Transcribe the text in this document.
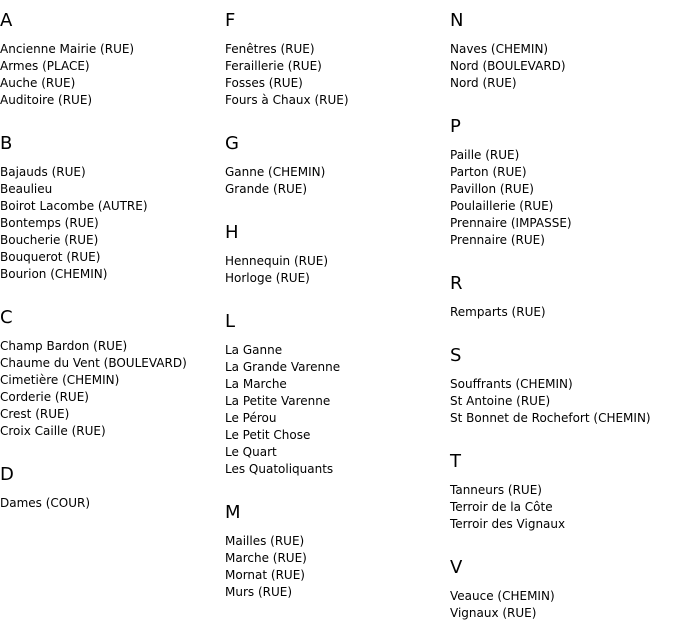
A
Ancienne Mairie (RUE)
Armes (PLACE)
Auche (RUE)
Auditoire (RUE)
B
Bajauds (RUE)
Beaulieu
Boirot Lacombe (AUTRE)
Bontemps (RUE)
Boucherie (RUE)
Bouquerot (RUE)
Bourion (CHEMIN)
C
Champ Bardon (RUE)
Chaume du Vent (BOULEVARD)
Cimetière (CHEMIN)
Corderie (RUE)
Crest (RUE)
Croix Caille (RUE)
D
Dames (COUR)
F
Fenêtres (RUE)
Feraillerie (RUE)
Fosses (RUE)
Fours à Chaux (RUE)
G
Ganne (CHEMIN)
Grande (RUE)
H
Hennequin (RUE)
Horloge (RUE)
L
La Ganne
La Grande Varenne
La Marche
La Petite Varenne
Le Pérou
Le Petit Chose
Le Quart
Les Quatoliquants
M
Mailles (RUE)
Marche (RUE)
Mornat (RUE)
Murs (RUE)
N
Naves (CHEMIN)
Nord (BOULEVARD)
Nord (RUE)
P
Paille (RUE)
Parton (RUE)
Pavillon (RUE)
Poulaillerie (RUE)
Prennaire (IMPASSE)
Prennaire (RUE)
R
Remparts (RUE)
S
Souffrants (CHEMIN)
St Antoine (RUE)
St Bonnet de Rochefort (CHEMIN)
T
Tanneurs (RUE)
Terroir de la Côte
Terroir des Vignaux
V
Veauce (CHEMIN)
Vignaux (RUE)
